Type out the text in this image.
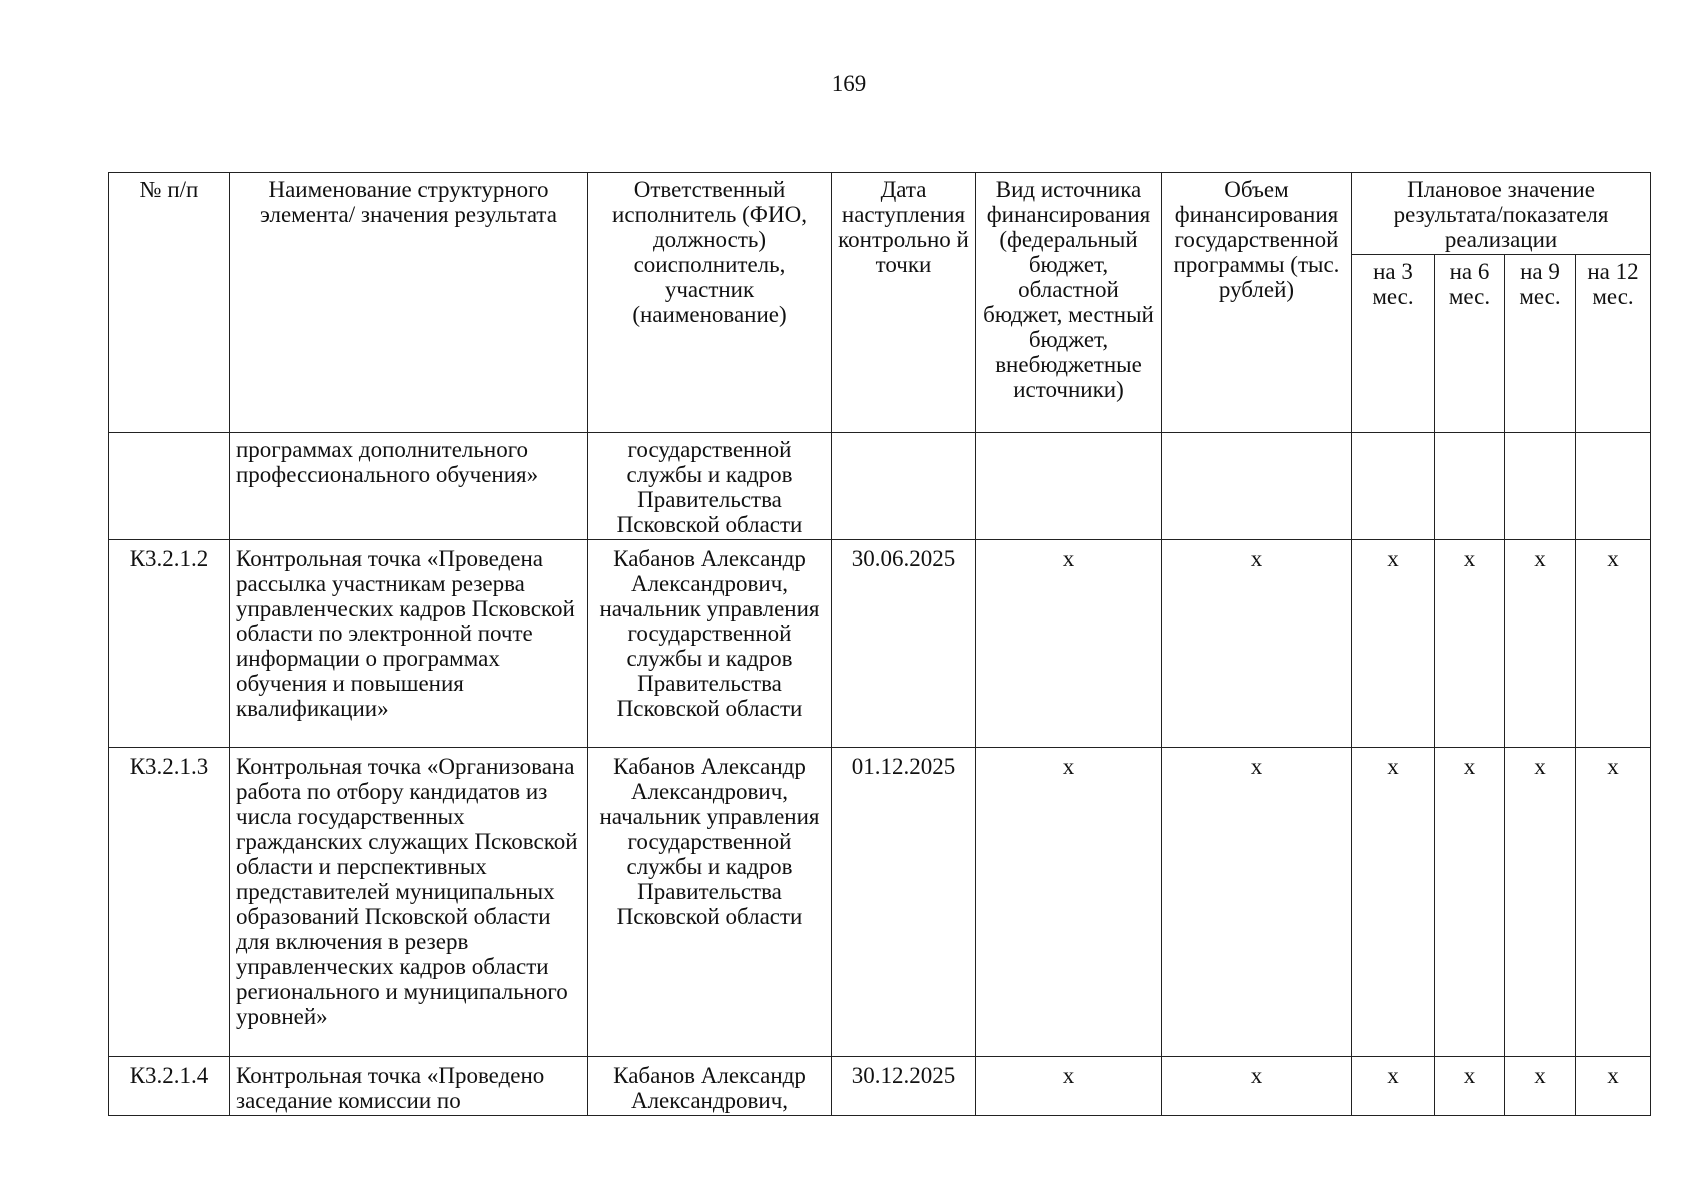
169
№ п/п	Наименование структурного элемента/ значения результата	Ответственный исполнитель (ФИО, должность) соисполнитель, участник (наименование)	Дата наступления контрольно й точки	Вид источника финансирования (федеральный бюджет, областной бюджет, местный бюджет, внебюджетные источники)	Объем финансирования государственной программы (тыс. рублей)	Плановое значение результата/показателя реализации			
						на 3 мес.	на 6 мес.	на 9 мес.	на 12 мес.
	программах дополнительного профессионального обучения»	государственной службы и кадров Правительства Псковской области							
К3.2.1.2	Контрольная точка «Проведена рассылка участникам резерва управленческих кадров Псковской области по электронной почте информации о программах обучения и повышения квалификации»	Кабанов Александр Александрович, начальник управления государственной службы и кадров Правительства Псковской области	30.06.2025	х	х	х	х	х	х
К3.2.1.3	Контрольная точка «Организована работа по отбору кандидатов из числа государственных гражданских служащих Псковской области и перспективных представителей муниципальных образований Псковской области для включения в резерв управленческих кадров области регионального и муниципального уровней»	Кабанов Александр Александрович, начальник управления государственной службы и кадров Правительства Псковской области	01.12.2025	х	х	х	х	х	х
К3.2.1.4	Контрольная точка «Проведено заседание комиссии по	Кабанов Александр Александрович,	30.12.2025	х	х	х	х	х	х
